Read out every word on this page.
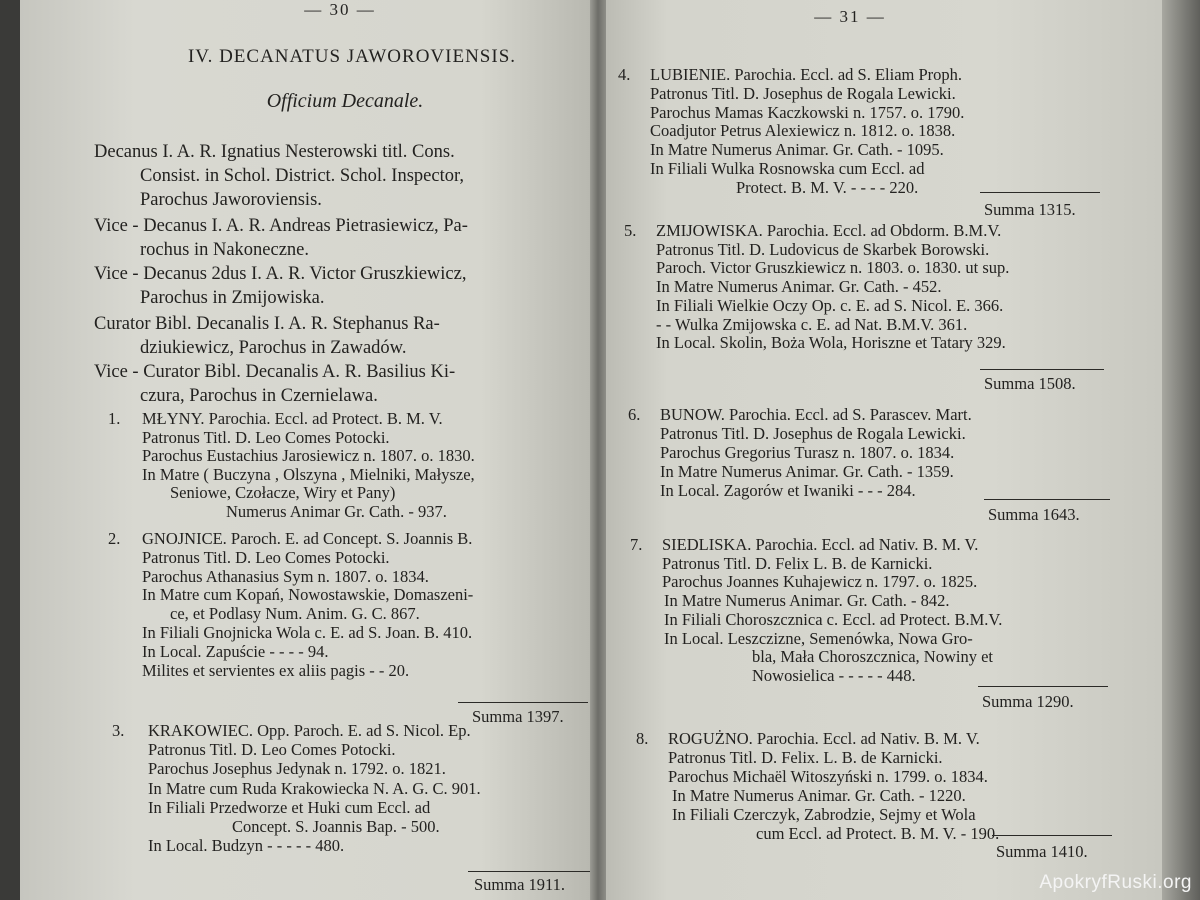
— 30 —
IV. DECANATUS JAWOROVIENSIS.
Officium Decanale.
Decanus I. A. R. Ignatius Nesterowski titl. Cons.
Consist. in Schol. District. Schol. Inspector,
Parochus Jaworoviensis.
Vice - Decanus I. A. R. Andreas Pietrasiewicz, Pa-
rochus in Nakoneczne.
Vice - Decanus 2dus I. A. R. Victor Gruszkiewicz,
Parochus in Zmijowiska.
Curator Bibl. Decanalis I. A. R. Stephanus Ra-
dziukiewicz, Parochus in Zawadów.
Vice - Curator Bibl. Decanalis A. R. Basilius Ki-
czura, Parochus in Czernielawa.
1. MŁYNY. Parochia. Eccl. ad Protect. B. M. V.
Patronus Titl. D. Leo Comes Potocki.
Parochus Eustachius Jarosiewicz n. 1807. o. 1830.
In Matre ( Buczyna , Olszyna , Mielniki, Małysze,
Seniowe, Czołacze, Wiry et Pany)
Numerus Animar Gr. Cath. - 937.
2. GNOJNICE. Paroch. E. ad Concept. S. Joannis B.
Patronus Titl. D. Leo Comes Potocki.
Parochus Athanasius Sym n. 1807. o. 1834.
In Matre cum Kopań, Nowostawskie, Domaszeni-
ce, et Podlasy Num. Anim. G. C. 867.
In Filiali Gnojnicka Wola c. E. ad S. Joan. B. 410.
In Local. Zapuście - - - - 94.
Milites et servientes ex aliis pagis - - 20.
Summa 1397.
3. KRAKOWIEC. Opp. Paroch. E. ad S. Nicol. Ep.
Patronus Titl. D. Leo Comes Potocki.
Parochus Josephus Jedynak n. 1792. o. 1821.
In Matre cum Ruda Krakowiecka N. A. G. C. 901.
In Filiali Przedworze et Huki cum Eccl. ad
Concept. S. Joannis Bap. - 500.
In Local. Budzyn - - - - - 480.
Summa 1911.
— 31 —
4. LUBIENIE. Parochia. Eccl. ad S. Eliam Proph.
Patronus Titl. D. Josephus de Rogala Lewicki.
Parochus Mamas Kaczkowski n. 1757. o. 1790.
Coadjutor Petrus Alexiewicz n. 1812. o. 1838.
In Matre Numerus Animar. Gr. Cath. - 1095.
In Filiali Wulka Rosnowska cum Eccl. ad
Protect. B. M. V. - - - - 220.
Summa 1315.
5. ZMIJOWISKA. Parochia. Eccl. ad Obdorm. B.M.V.
Patronus Titl. D. Ludovicus de Skarbek Borowski.
Paroch. Victor Gruszkiewicz n. 1803. o. 1830. ut sup.
In Matre Numerus Animar. Gr. Cath. - 452.
In Filiali Wielkie Oczy Op. c. E. ad S. Nicol. E. 366.
- - Wulka Zmijowska c. E. ad Nat. B.M.V. 361.
In Local. Skolin, Boża Wola, Horiszne et Tatary 329.
Summa 1508.
6. BUNOW. Parochia. Eccl. ad S. Parascev. Mart.
Patronus Titl. D. Josephus de Rogala Lewicki.
Parochus Gregorius Turasz n. 1807. o. 1834.
In Matre Numerus Animar. Gr. Cath. - 1359.
In Local. Zagorów et Iwaniki - - - 284.
Summa 1643.
7. SIEDLISKA. Parochia. Eccl. ad Nativ. B. M. V.
Patronus Titl. D. Felix L. B. de Karnicki.
Parochus Joannes Kuhajewicz n. 1797. o. 1825.
In Matre Numerus Animar. Gr. Cath. - 842.
In Filiali Choroszcznica c. Eccl. ad Protect. B.M.V.
In Local. Leszczizne, Semenówka, Nowa Gro-
bla, Mała Choroszcznica, Nowiny et
Nowosielica - - - - - 448.
Summa 1290.
8. ROGUŻNO. Parochia. Eccl. ad Nativ. B. M. V.
Patronus Titl. D. Felix. L. B. de Karnicki.
Parochus Michaël Witoszyński n. 1799. o. 1834.
In Matre Numerus Animar. Gr. Cath. - 1220.
In Filiali Czerczyk, Zabrodzie, Sejmy et Wola
cum Eccl. ad Protect. B. M. V. - 190.
Summa 1410.
ApokryfRuski.org
